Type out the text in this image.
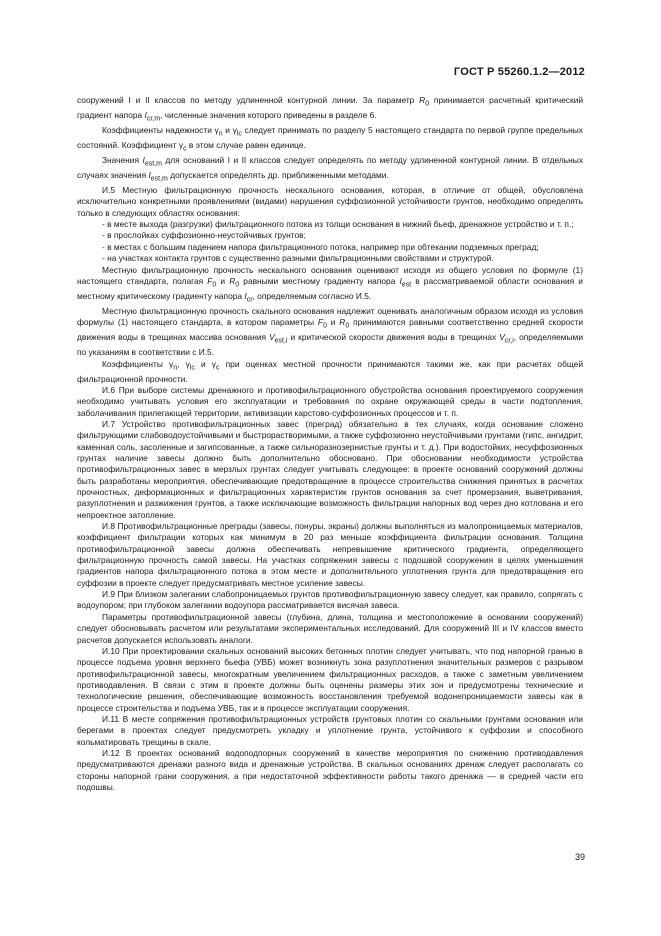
ГОСТ Р 55260.1.2—2012

сооружений I и II классов по методу удлиненной контурной линии. За параметр $R_0$ принимается расчетный критический градиент напора $I_{cr,m}$, численные значения которого приведены в разделе 6.

Коэффициенты надежности $\gamma_n$ и $\gamma_{lc}$ следует принимать по разделу 5 настоящего стандарта по первой группе предельных состояний. Коэффициент $\gamma_c$ в этом случае равен единице.

Значения $I_{est,m}$ для оснований I и II классов следует определять по методу удлиненной контурной линии. В отдельных случаях значения $I_{est,m}$ допускается определять др. приближенными методами.

И.5 Местную фильтрационную прочность нескального основания, которая, в отличие от общей, обусловлена исключительно конкретными проявлениями (видами) нарушения суффозионной устойчивости грунтов, необходимо определять только в следующих областях основания:

- в месте выхода (разгрузки) фильтрационного потока из толщи основания в нижний бьеф, дренажное устройство и т. п.;

- в прослойках суффозионно-неустойчивых грунтов;

- в местах с большим падением напора фильтрационного потока, например при обтекании подземных преград;

- на участках контакта грунтов с существенно разными фильтрационными свойствами и структурой.

Местную фильтрационную прочность нескального основания оценивают исходя из общего условия по формуле (1) настоящего стандарта, полагая $F_0$ и $R_0$ равными местному градиенту напора $I_{est}$ в рассматриваемой области основания и местному критическому градиенту напора $I_{cr}$, определяемым согласно И.5.

Местную фильтрационную прочность скального основания надлежит оценивать аналогичным образом исходя из условия формулы (1) настоящего стандарта, в котором параметры $F_0$ и $R_0$ принимаются равными соответственно средней скорости движения воды в трещинах массива основания $V_{est,i}$ и критической скорости движения воды в трещинах $V_{cr,i}$, определяемыми по указаниям в соответствии с И.5.

Коэффициенты $\gamma_n$, $\gamma_{lc}$ и $\gamma_c$ при оценках местной прочности принимаются такими же, как при расчетах общей фильтрационной прочности.

И.6 При выборе системы дренажного и противофильтрационного обустройства основания проектируемого сооружения необходимо учитывать условия его эксплуатации и требования по охране окружающей среды в части подтопления, заболачивания прилегающей территории, активизации карстово-суффозионных процессов и т. п.

И.7 Устройство противофильтрационных завес (преград) обязательно в тех случаях, когда основание сложено фильтрующими слабоводоустойчивыми и быстрорастворимыми, а также суффозионно неустойчивыми грунтами (гипс, ангидрит, каменная соль, засоленные и загипсованные, а также сильноразнозернистые грунты и т. д.). При водостойких, несуффозионных грунтах наличие завесы должно быть дополнительно обосновано. При обосновании необходимости устройства противофильтрационных завес в мерзлых грунтах следует учитывать следующее: в проекте оснований сооружений должны быть разработаны мероприятия, обеспечивающие предотвращение в процессе строительства снижения принятых в расчетах прочностных, деформационных и фильтрационных характеристик грунтов основания за счет промерзания, выветривания, разуплотнения и разжижения грунтов, а также исключающие возможность фильтрации напорных вод через дно котлована и его непроектное затопление.

И.8 Противофильтрационные преграды (завесы, понуры, экраны) должны выполняться из малопроницаемых материалов, коэффициент фильтрации которых как минимум в 20 раз меньше коэффициента фильтрации основания. Толщина противофильтрационной завесы должна обеспечивать непревышение критического градиента, определяющего фильтрационную прочность самой завесы. На участках сопряжения завесы с подошвой сооружения в целях уменьшения градиентов напора фильтрационного потока в этом месте и дополнительного уплотнения грунта для предотвращения его суффозии в проекте следует предусматривать местное усиление завесы.

И.9 При близком залегании слабопроницаемых грунтов противофильтрационную завесу следует, как правило, сопрягать с водоупором; при глубоком залегании водоупора рассматривается висячая завеса.

Параметры противофильтрационной завесы (глубина, длина, толщина и местоположение в основании сооружений) следует обосновывать расчетом или результатами экспериментальных исследований. Для сооружений III и IV классов вместо расчетов допускается использовать аналоги.

И.10 При проектировании скальных оснований высоких бетонных плотин следует учитывать, что под напорной гранью в процессе подъема уровня верхнего бьефа (УВБ) может возникнуть зона разуплотнения значительных размеров с разрывом противофильтрационной завесы, многократным увеличением фильтрационных расходов, а также с заметным увеличением противодавления. В связи с этим в проекте должны быть оценены размеры этих зон и предусмотрены технические и технологические решения, обеспечивающие возможность восстановления требуемой водонепроницаемости завесы как в процессе строительства и подъема УВБ, так и в процессе эксплуатации сооружения.

И.11 В месте сопряжения противофильтрационных устройств грунтовых плотин со скальными грунтами основания или берегами в проектах следует предусмотреть укладку и уплотнение грунта, устойчивого к суффозии и способного кольматировать трещины в скале.

И.12 В проектах оснований водоподпорных сооружений в качестве мероприятия по снижению противодавления предусматриваются дренажи разного вида и дренажные устройства. В скальных основаниях дренаж следует располагать со стороны напорной грани сооружения, а при недостаточной эффективности работы такого дренажа — в средней части его подошвы.

39
